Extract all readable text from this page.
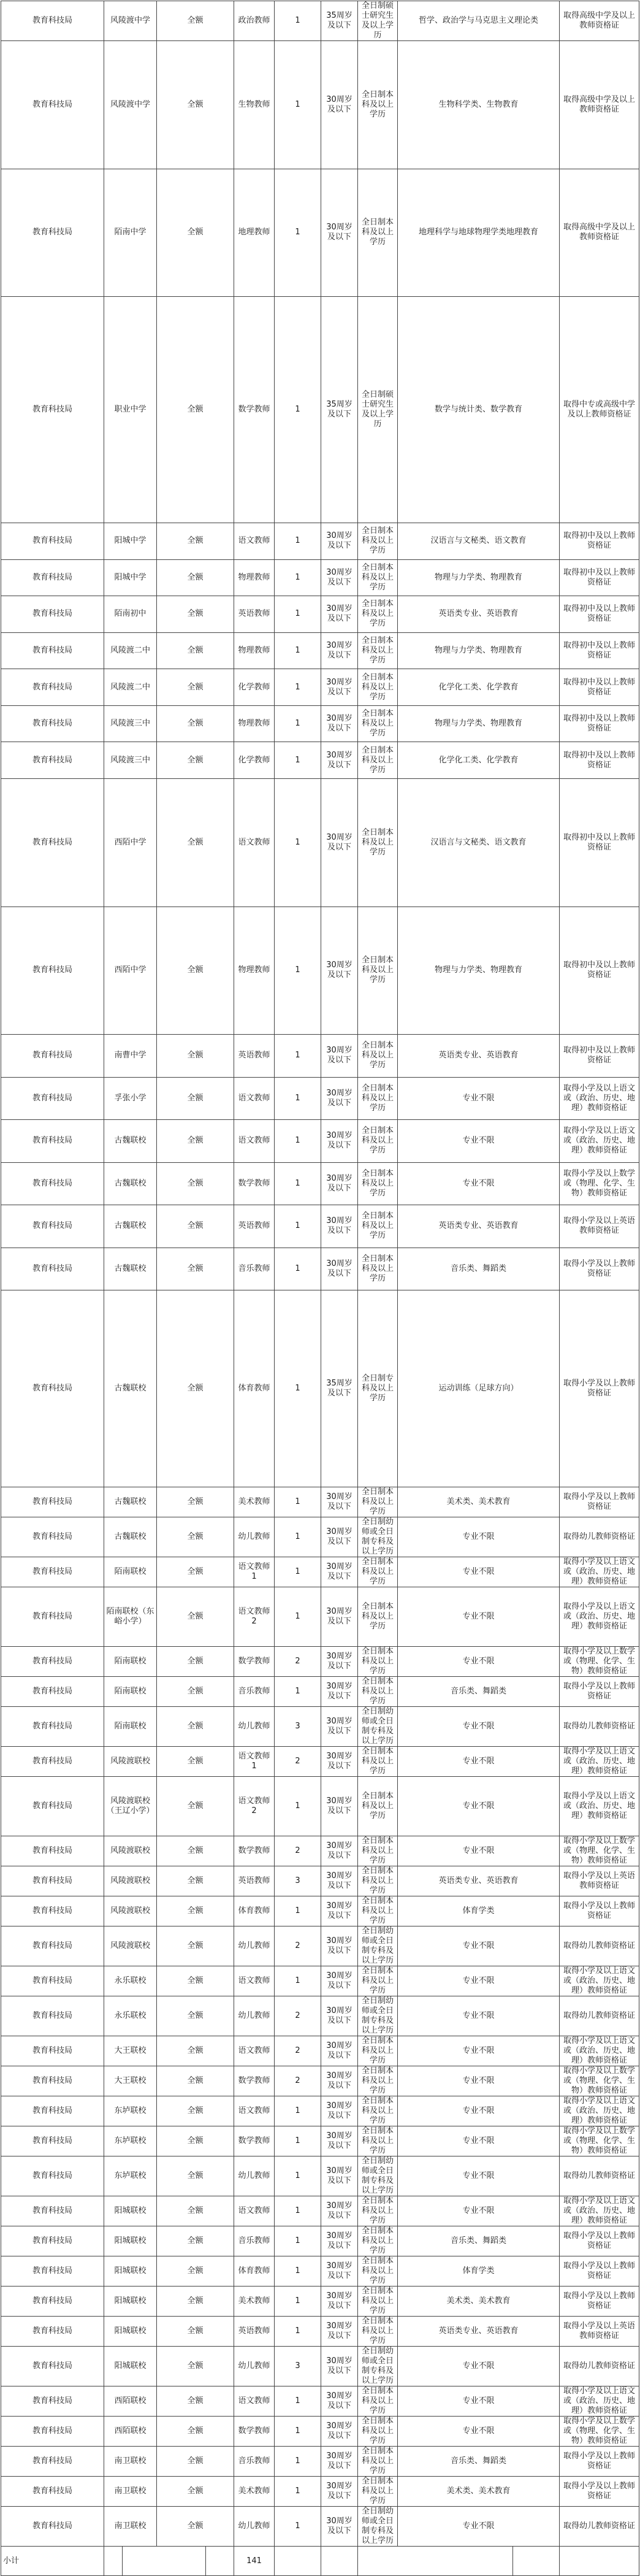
教育科技局	风陵渡中学		全额		政治教师	1	35周岁及以下	全日制硕士研究生及以上学历	哲学、政治学与马克思主义理论类		取得高级中学及以上教师资格证	
教育科技局	风陵渡中学		全额		生物教师	1	30周岁及以下	全日制本科及以上学历	生物科学类、生物教育		取得高级中学及以上教师资格证	
教育科技局	陌南中学		全额		地理教师	1	30周岁及以下	全日制本科及以上学历	地理科学与地球物理学类地理教育		取得高级中学及以上教师资格证	
教育科技局	职业中学		全额		数学教师	1	35周岁及以下	全日制硕士研究生及以上学历	数学与统计类、数学教育		取得中专或高级中学及以上教师资格证	
教育科技局	阳城中学		全额		语文教师	1	30周岁及以下	全日制本科及以上学历	汉语言与文秘类、语文教育		取得初中及以上教师资格证	
教育科技局	阳城中学		全额		物理教师	1	30周岁及以下	全日制本科及以上学历	物理与力学类、物理教育		取得初中及以上教师资格证	
教育科技局	陌南初中		全额		英语教师	1	30周岁及以下	全日制本科及以上学历	英语类专业、英语教育		取得初中及以上教师资格证	
教育科技局	风陵渡二中		全额		物理教师	1	30周岁及以下	全日制本科及以上学历	物理与力学类、物理教育		取得初中及以上教师资格证	
教育科技局	风陵渡二中		全额		化学教师	1	30周岁及以下	全日制本科及以上学历	化学化工类、化学教育		取得初中及以上教师资格证	
教育科技局	风陵渡三中		全额		物理教师	1	30周岁及以下	全日制本科及以上学历	物理与力学类、物理教育		取得初中及以上教师资格证	
教育科技局	风陵渡三中		全额		化学教师	1	30周岁及以下	全日制本科及以上学历	化学化工类、化学教育		取得初中及以上教师资格证	
教育科技局	西陌中学		全额		语文教师	1	30周岁及以下	全日制本科及以上学历	汉语言与文秘类、语文教育		取得初中及以上教师资格证	
教育科技局	西陌中学		全额		物理教师	1	30周岁及以下	全日制本科及以上学历	物理与力学类、物理教育		取得初中及以上教师资格证	
教育科技局	南曹中学		全额		英语教师	1	30周岁及以下	全日制本科及以上学历	英语类专业、英语教育		取得初中及以上教师资格证	
教育科技局	孚张小学		全额		语文教师	1	30周岁及以下	全日制本科及以上学历	专业不限		取得小学及以上语文或（政治、历史、地理）教师资格证	
教育科技局	古魏联校		全额		语文教师	1	30周岁及以下	全日制本科及以上学历	专业不限		取得小学及以上语文或（政治、历史、地理）教师资格证	
教育科技局	古魏联校		全额		数学教师	1	30周岁及以下	全日制本科及以上学历	专业不限		取得小学及以上数学或（物理、化学、生物）教师资格证	
教育科技局	古魏联校		全额		英语教师	1	30周岁及以下	全日制本科及以上学历	英语类专业、英语教育		取得小学及以上英语教师资格证	
教育科技局	古魏联校		全额		音乐教师	1	30周岁及以下	全日制本科及以上学历	音乐类、舞蹈类		取得小学及以上教师资格证	
教育科技局	古魏联校		全额		体育教师	1	35周岁及以下	全日制专科及以上学历	运动训练（足球方向）		取得小学及以上教师资格证	
教育科技局	古魏联校		全额		美术教师	1	30周岁及以下	全日制本科及以上学历	美术类、美术教育		取得小学及以上教师资格证	
教育科技局	古魏联校		全额		幼儿教师	1	30周岁及以下	全日制幼师或全日制专科及以上学历	专业不限		取得幼儿教师资格证	
教育科技局	陌南联校		全额		语文教师1	1	30周岁及以下	全日制本科及以上学历	专业不限		取得小学及以上语文或（政治、历史、地理）教师资格证	
教育科技局	陌南联校（东峪小学）		全额		语文教师2	1	30周岁及以下	全日制本科及以上学历	专业不限		取得小学及以上语文或（政治、历史、地理）教师资格证	
教育科技局	陌南联校		全额		数学教师	2	30周岁及以下	全日制本科及以上学历	专业不限		取得小学及以上数学或（物理、化学、生物）教师资格证	
教育科技局	陌南联校		全额		音乐教师	1	30周岁及以下	全日制本科及以上学历	音乐类、舞蹈类		取得小学及以上教师资格证	
教育科技局	陌南联校		全额		幼儿教师	3	30周岁及以下	全日制幼师或全日制专科及以上学历	专业不限		取得幼儿教师资格证	
教育科技局	风陵渡联校		全额		语文教师1	2	30周岁及以下	全日制本科及以上学历	专业不限		取得小学及以上语文或（政治、历史、地理）教师资格证	
教育科技局	风陵渡联校（王辽小学）		全额		语文教师2	1	30周岁及以下	全日制本科及以上学历	专业不限		取得小学及以上语文或（政治、历史、地理）教师资格证	
教育科技局	风陵渡联校		全额		数学教师	2	30周岁及以下	全日制本科及以上学历	专业不限		取得小学及以上数学或（物理、化学、生物）教师资格证	
教育科技局	风陵渡联校		全额		英语教师	3	30周岁及以下	全日制本科及以上学历	英语类专业、英语教育		取得小学及以上英语教师资格证	
教育科技局	风陵渡联校		全额		体育教师	1	30周岁及以下	全日制本科及以上学历	体育学类		取得小学及以上教师资格证	
教育科技局	风陵渡联校		全额		幼儿教师	2	30周岁及以下	全日制幼师或全日制专科及以上学历	专业不限		取得幼儿教师资格证	
教育科技局	永乐联校		全额		语文教师	1	30周岁及以下	全日制本科及以上学历	专业不限		取得小学及以上语文或（政治、历史、地理）教师资格证	
教育科技局	永乐联校		全额		幼儿教师	2	30周岁及以下	全日制幼师或全日制专科及以上学历	专业不限		取得幼儿教师资格证	
教育科技局	大王联校		全额		语文教师	2	30周岁及以下	全日制本科及以上学历	专业不限		取得小学及以上语文或（政治、历史、地理）教师资格证	
教育科技局	大王联校		全额		数学教师	2	30周岁及以下	全日制本科及以上学历	专业不限		取得小学及以上数学或（物理、化学、生物）教师资格证	
教育科技局	东垆联校		全额		语文教师	1	30周岁及以下	全日制本科及以上学历	专业不限		取得小学及以上语文或（政治、历史、地理）教师资格证	
教育科技局	东垆联校		全额		数学教师	1	30周岁及以下	全日制本科及以上学历	专业不限		取得小学及以上数学或（物理、化学、生物）教师资格证	
教育科技局	东垆联校		全额		幼儿教师	1	30周岁及以下	全日制幼师或全日制专科及以上学历	专业不限		取得幼儿教师资格证	
教育科技局	阳城联校		全额		语文教师	1	30周岁及以下	全日制本科及以上学历	专业不限		取得小学及以上语文或（政治、历史、地理）教师资格证	
教育科技局	阳城联校		全额		音乐教师	1	30周岁及以下	全日制本科及以上学历	音乐类、舞蹈类		取得小学及以上教师资格证	
教育科技局	阳城联校		全额		体育教师	1	30周岁及以下	全日制本科及以上学历	体育学类		取得小学及以上教师资格证	
教育科技局	阳城联校		全额		美术教师	1	30周岁及以下	全日制本科及以上学历	美术类、美术教育		取得小学及以上教师资格证	
教育科技局	阳城联校		全额		英语教师	1	30周岁及以下	全日制本科及以上学历	英语类专业、英语教育		取得小学及以上英语教师资格证	
教育科技局	阳城联校		全额		幼儿教师	3	30周岁及以下	全日制幼师或全日制专科及以上学历	专业不限		取得幼儿教师资格证	
教育科技局	西陌联校		全额		语文教师	1	30周岁及以下	全日制本科及以上学历	专业不限		取得小学及以上语文或（政治、历史、地理）教师资格证	
教育科技局	西陌联校		全额		数学教师	1	30周岁及以下	全日制本科及以上学历	专业不限		取得小学及以上数学或（物理、化学、生物）教师资格证	
教育科技局	南卫联校		全额		音乐教师	1	30周岁及以下	全日制本科及以上学历	音乐类、舞蹈类		取得小学及以上教师资格证	
教育科技局	南卫联校		全额		美术教师	1	30周岁及以下	全日制本科及以上学历	美术类、美术教育		取得小学及以上教师资格证	
教育科技局	南卫联校		全额		幼儿教师	1	30周岁及以下	全日制幼师或全日制专科及以上学历	专业不限		取得幼儿教师资格证	
小计					141							
